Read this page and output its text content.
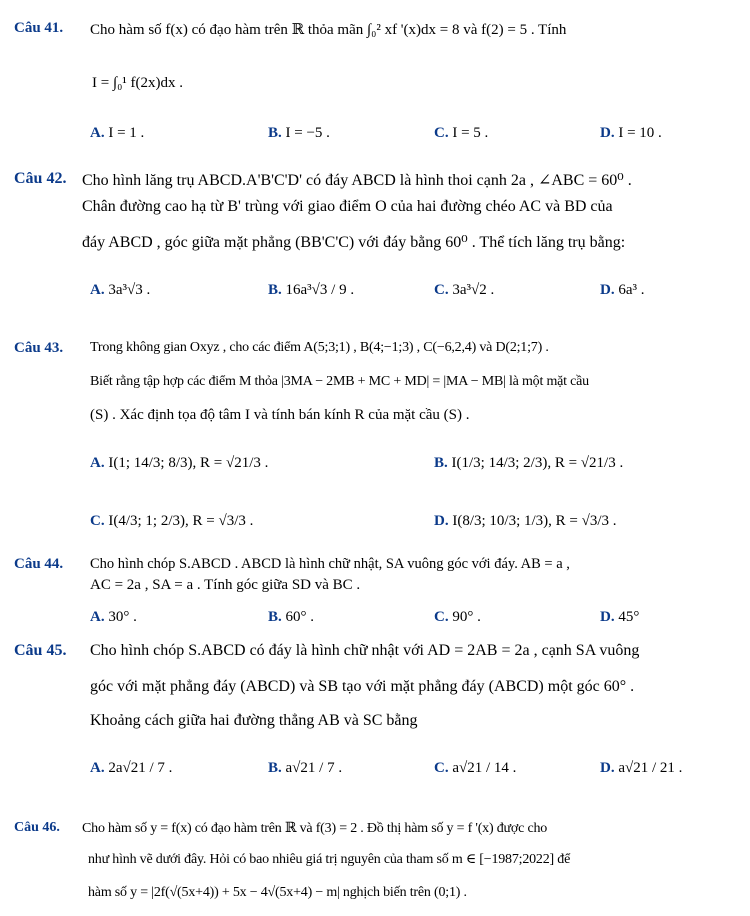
Câu 41. Cho hàm số f(x) có đạo hàm trên ℝ thỏa mãn ∫₀² xf '(x)dx = 8 và f(2) = 5 . Tính
I = ∫₀¹ f(2x)dx .
A. I = 1 .	B. I = −5 .	C. I = 5 .	D. I = 10 .
Câu 42. Cho hình lăng trụ ABCD.A'B'C'D' có đáy ABCD là hình thoi cạnh 2a , ∠ABC = 60⁰ .
Chân đường cao hạ từ B' trùng với giao điểm O của hai đường chéo AC và BD của
đáy ABCD , góc giữa mặt phẳng (BB'C'C) với đáy bằng 60⁰ . Thể tích lăng trụ bằng:
A. 3a³√3 .	B. 16a³√3 / 9 .	C. 3a³√2 .	D. 6a³ .
Câu 43. Trong không gian Oxyz , cho các điểm A(5;3;1) , B(4;−1;3) , C(−6,2,4) và D(2;1;7) .
Biết rằng tập hợp các điểm M thỏa |3MA − 2MB + MC + MD| = |MA − MB| là một mặt cầu
(S) . Xác định tọa độ tâm I và tính bán kính R của mặt cầu (S) .
A. I(1; 14/3; 8/3), R = √21/3 .	B. I(1/3; 14/3; 2/3), R = √21/3 .
C. I(4/3; 1; 2/3), R = √3/3 .	D. I(8/3; 10/3; 1/3), R = √3/3 .
Câu 44. Cho hình chóp S.ABCD . ABCD là hình chữ nhật, SA vuông góc với đáy. AB = a ,
AC = 2a , SA = a . Tính góc giữa SD và BC .
A. 30° .	B. 60° .	C. 90° .	D. 45°
Câu 45. Cho hình chóp S.ABCD có đáy là hình chữ nhật với AD = 2AB = 2a , cạnh SA vuông
góc với mặt phẳng đáy (ABCD) và SB tạo với mặt phẳng đáy (ABCD) một góc 60° .
Khoảng cách giữa hai đường thẳng AB và SC bằng
A. 2a√21 / 7 .	B. a√21 / 7 .	C. a√21 / 14 .	D. a√21 / 21 .
Câu 46. Cho hàm số y = f(x) có đạo hàm trên ℝ và f(3) = 2 . Đồ thị hàm số y = f '(x) được cho
như hình vẽ dưới đây. Hỏi có bao nhiêu giá trị nguyên của tham số m ∈ [−1987;2022] để
hàm số y = |2f(√(5x+4)) + 5x − 4√(5x+4) − m| nghịch biến trên (0;1) .
